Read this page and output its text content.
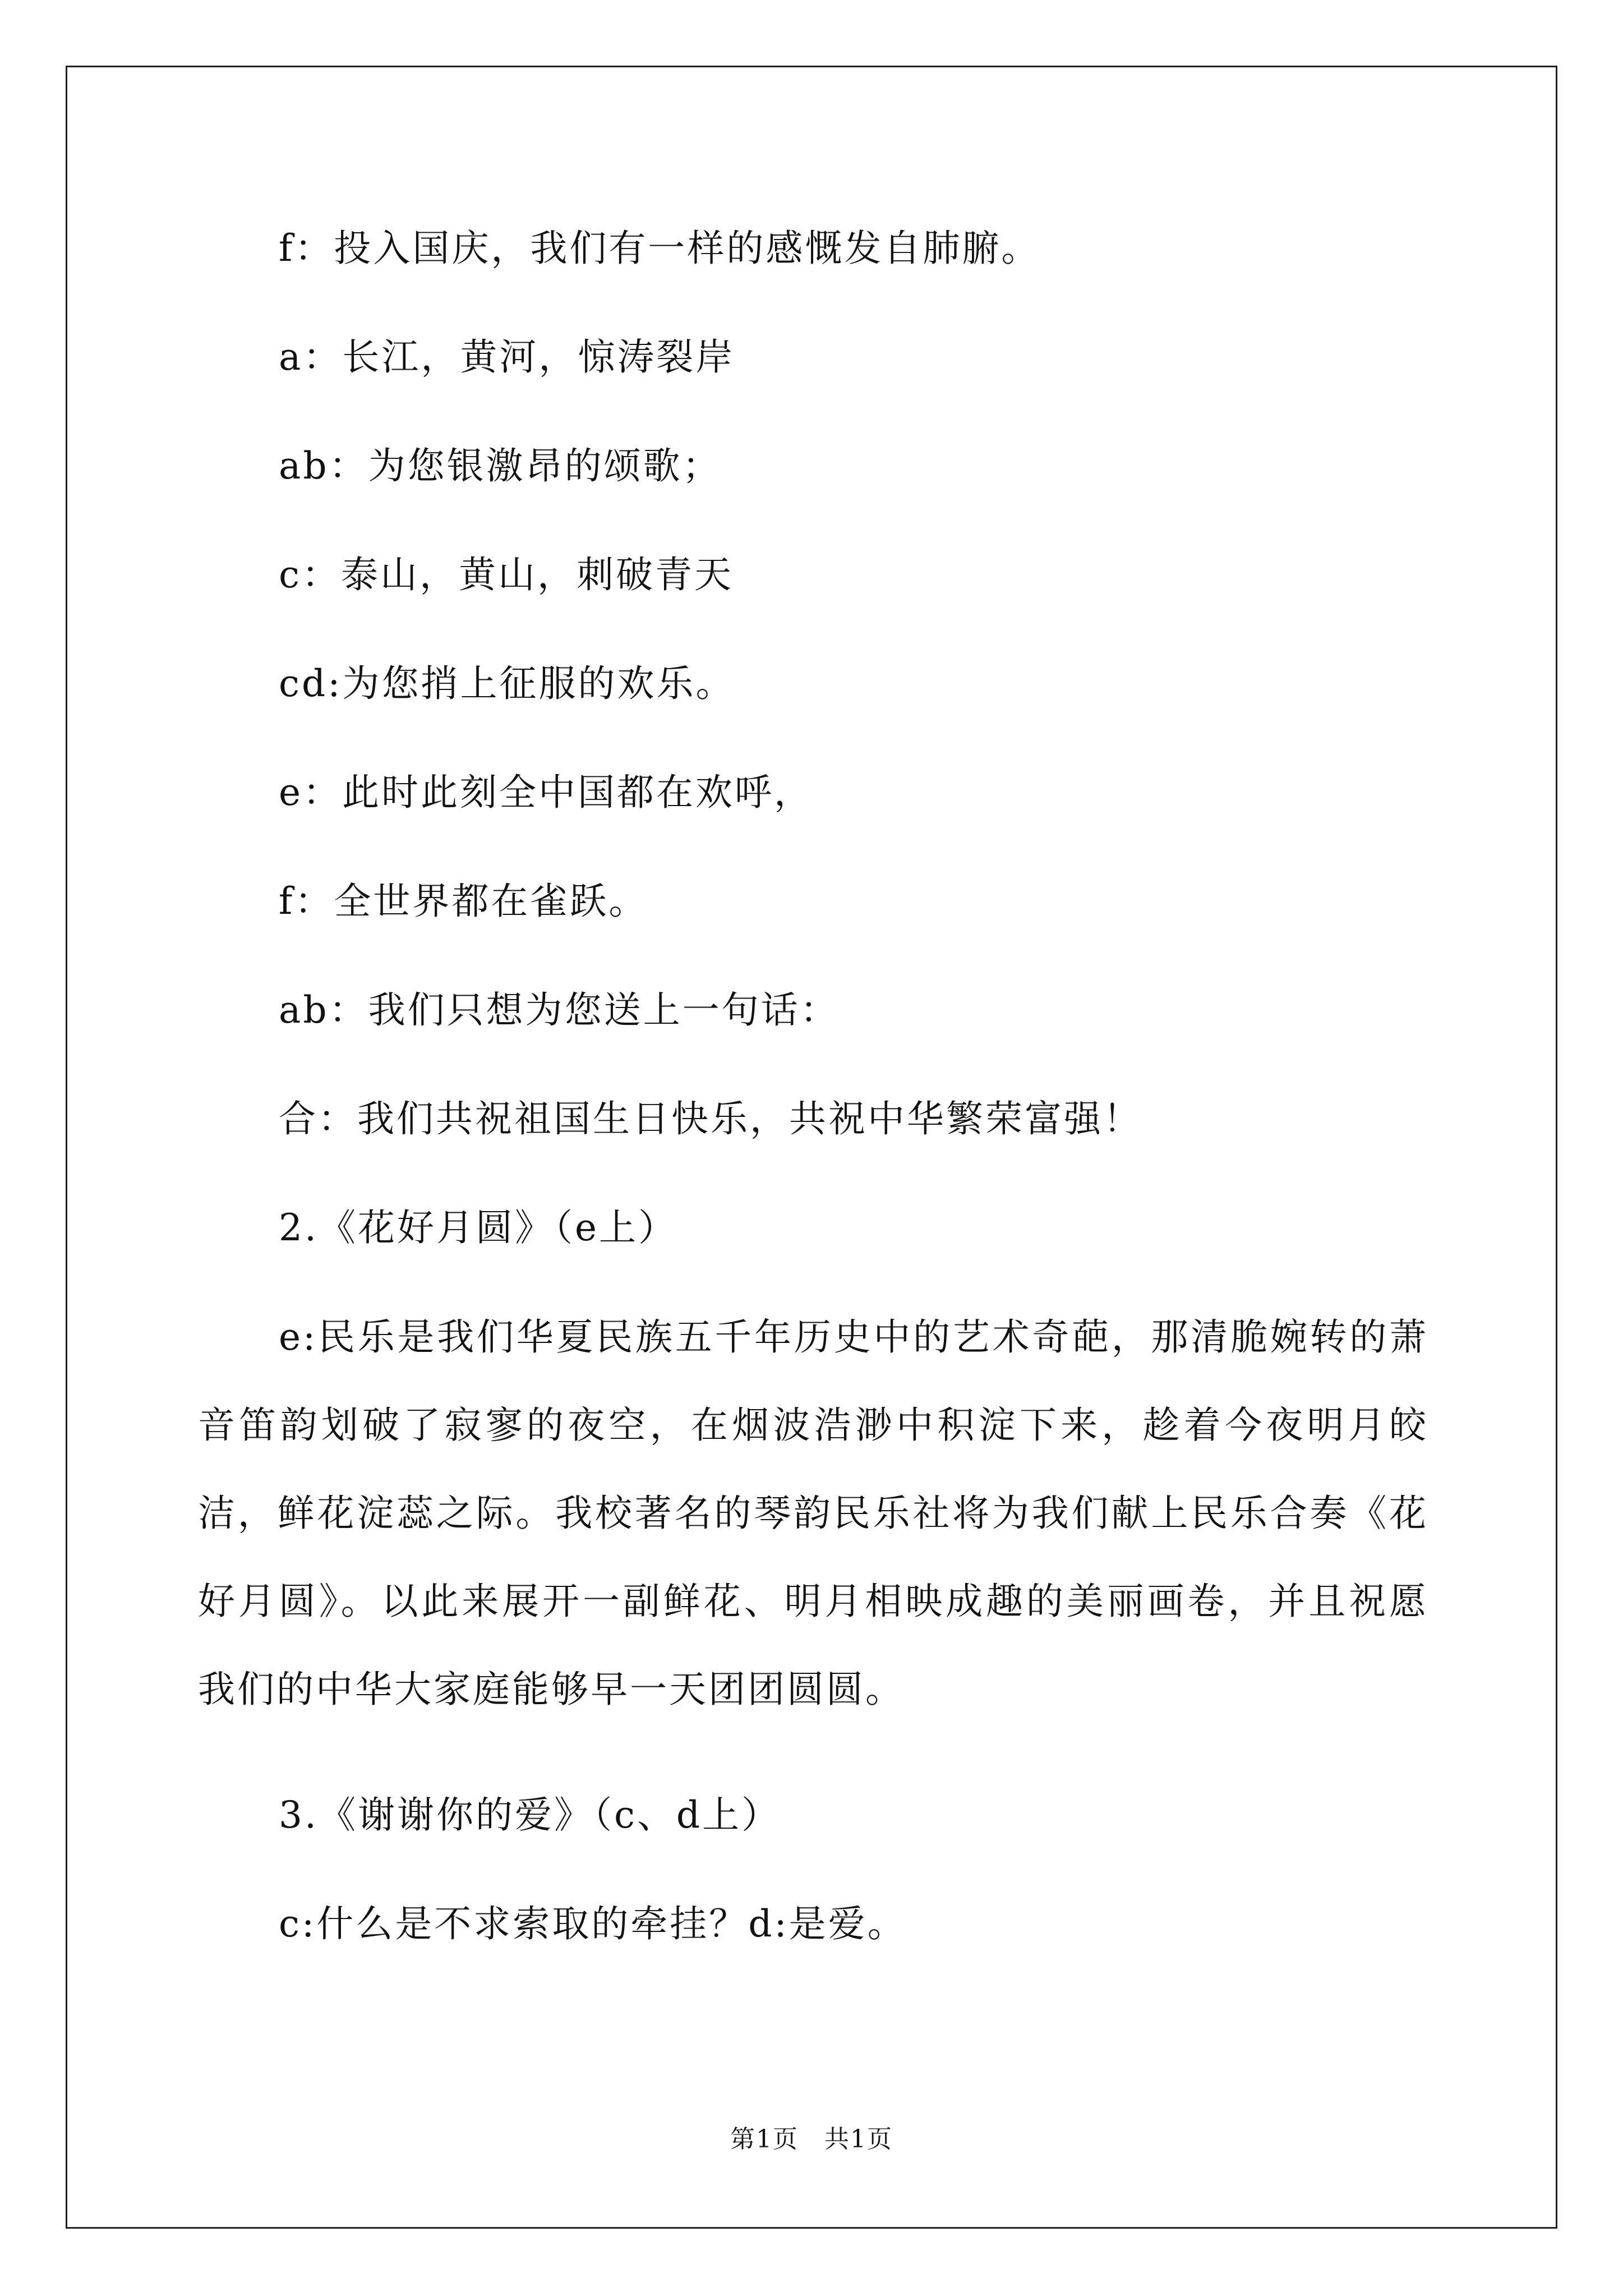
f：投入国庆，我们有一样的感慨发自肺腑。

a：长江，黄河，惊涛裂岸

ab：为您银激昂的颂歌；

c：泰山，黄山，刺破青天

cd:为您捎上征服的欢乐。

e：此时此刻全中国都在欢呼，

f：全世界都在雀跃。

ab：我们只想为您送上一句话：

合：我们共祝祖国生日快乐，共祝中华繁荣富强！

2.《花好月圆》（e上）

e:民乐是我们华夏民族五千年历史中的艺术奇葩，那清脆婉转的萧音笛韵划破了寂寥的夜空，在烟波浩渺中积淀下来，趁着今夜明月皎洁，鲜花淀蕊之际。我校著名的琴韵民乐社将为我们献上民乐合奏《花好月圆》。以此来展开一副鲜花、明月相映成趣的美丽画卷，并且祝愿我们的中华大家庭能够早一天团团圆圆。

3.《谢谢你的爱》（c、d上）

c:什么是不求索取的牵挂？d:是爱。

第1页　共1页
